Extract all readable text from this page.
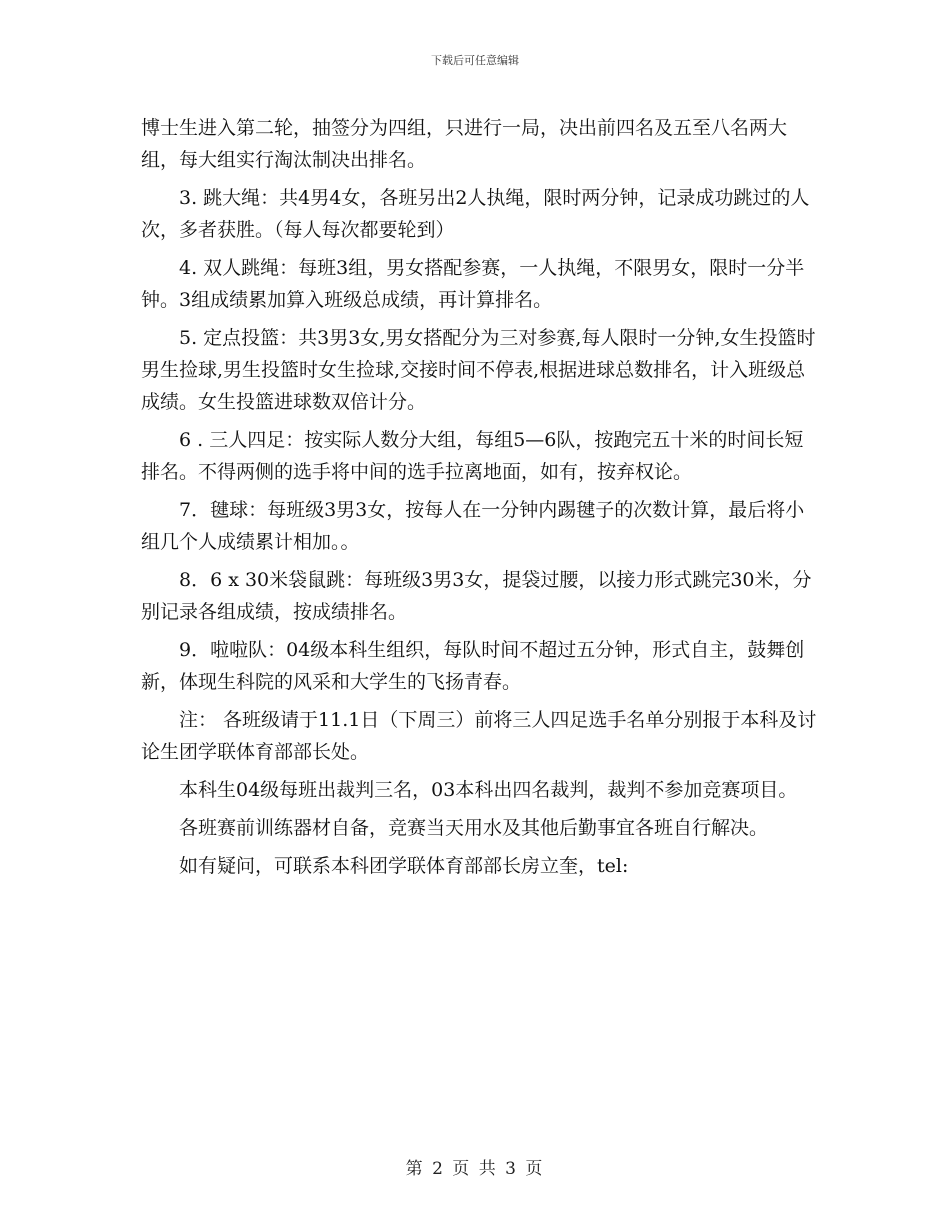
下载后可任意编辑

博士生进入第二轮，抽签分为四组，只进行一局，决出前四名及五至八名两大组，每大组实行淘汰制决出排名。

3. 跳大绳：共4男4女，各班另出2人执绳，限时两分钟，记录成功跳过的人次，多者获胜。（每人每次都要轮到）

4. 双人跳绳：每班3组，男女搭配参赛，一人执绳，不限男女，限时一分半钟。3组成绩累加算入班级总成绩，再计算排名。

5. 定点投篮：共3男3女,男女搭配分为三对参赛,每人限时一分钟,女生投篮时男生捡球,男生投篮时女生捡球,交接时间不停表,根据进球总数排名，计入班级总成绩。女生投篮进球数双倍计分。

6 . 三人四足：按实际人数分大组，每组5—6队，按跑完五十米的时间长短排名。不得两侧的选手将中间的选手拉离地面，如有，按弃权论。

7．毽球：每班级3男3女，按每人在一分钟内踢毽子的次数计算，最后将小组几个人成绩累计相加。。

8．6 x 30米袋鼠跳：每班级3男3女，提袋过腰，以接力形式跳完30米，分别记录各组成绩，按成绩排名。

9．啦啦队：04级本科生组织，每队时间不超过五分钟，形式自主，鼓舞创新，体现生科院的风采和大学生的飞扬青春。

注： 各班级请于11.1日（下周三）前将三人四足选手名单分别报于本科及讨论生团学联体育部部长处。

本科生04级每班出裁判三名，03本科出四名裁判，裁判不参加竞赛项目。

各班赛前训练器材自备，竞赛当天用水及其他后勤事宜各班自行解决。

如有疑问，可联系本科团学联体育部部长房立奎，tel:

第 2 页 共 3 页
